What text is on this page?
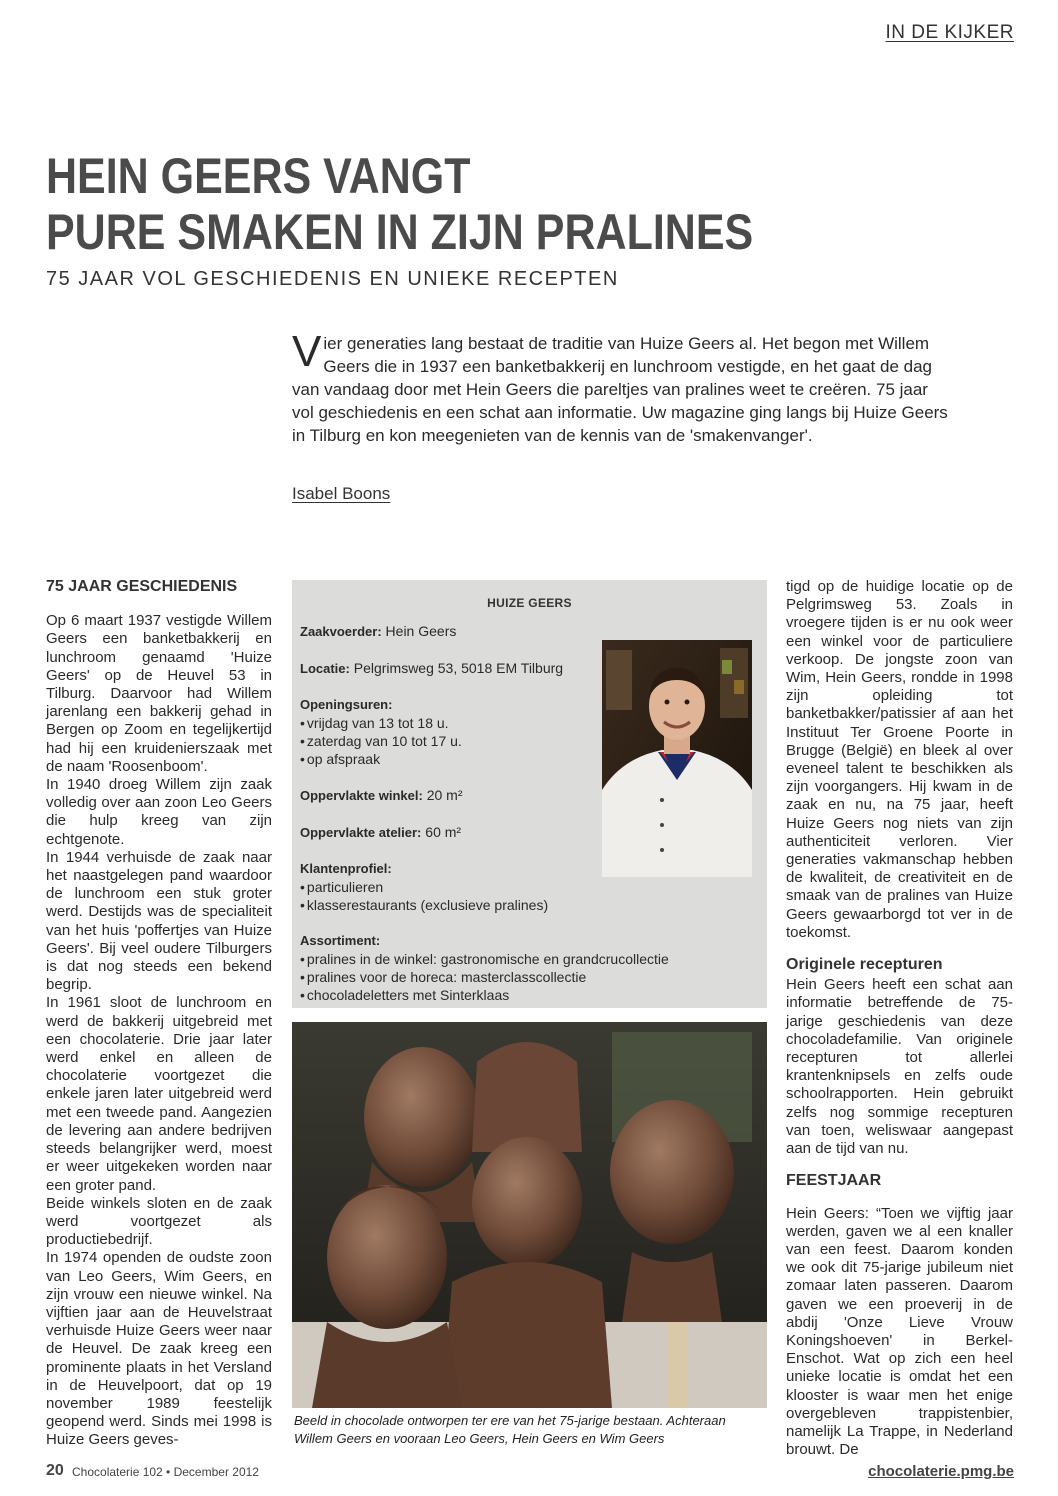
IN DE KIJKER
HEIN GEERS VANGT
PURE SMAKEN IN ZIJN PRALINES
75 JAAR VOL GESCHIEDENIS EN UNIEKE RECEPTEN
V ier generaties lang bestaat de traditie van Huize Geers al. Het begon met Willem Geers die in 1937 een banketbakkerij en lunchroom vestigde, en het gaat de dag van vandaag door met Hein Geers die pareltjes van pralines weet te creëren. 75 jaar vol geschiedenis en een schat aan informatie. Uw magazine ging langs bij Huize Geers in Tilburg en kon meegenieten van de kennis van de 'smakenvanger'.

Isabel Boons
75 JAAR GESCHIEDENIS

Op 6 maart 1937 vestigde Willem Geers een banketbakkerij en lunchroom genaamd 'Huize Geers' op de Heuvel 53 in Tilburg. Daarvoor had Willem jarenlang een bakkerij gehad in Bergen op Zoom en tegelijkertijd had hij een kruidenierszaak met de naam 'Roosenboom'.

In 1940 droeg Willem zijn zaak volledig over aan zoon Leo Geers die hulp kreeg van zijn echtgenote.

In 1944 verhuisde de zaak naar het naastgelegen pand waardoor de lunchroom een stuk groter werd. Destijds was de specialiteit van het huis 'poffertjes van Huize Geers'. Bij veel oudere Tilburgers is dat nog steeds een bekend begrip.

In 1961 sloot de lunchroom en werd de bakkerij uitgebreid met een chocolaterie. Drie jaar later werd enkel en alleen de chocolaterie voortgezet die enkele jaren later uitgebreid werd met een tweede pand. Aangezien de levering aan andere bedrijven steeds belangrijker werd, moest er weer uitgekeken worden naar een groter pand.

Beide winkels sloten en de zaak werd voortgezet als productiebedrijf.

In 1974 openden de oudste zoon van Leo Geers, Wim Geers, en zijn vrouw een nieuwe winkel. Na vijftien jaar aan de Heuvelstraat verhuisde Huize Geers weer naar de Heuvel. De zaak kreeg een prominente plaats in het Versland in de Heuvelpoort, dat op 19 november 1989 feestelijk geopend werd. Sinds mei 1998 is Huize Geers geves-

HUIZE GEERS
Zaakvoerder: Hein Geers
Locatie: Pelgrimsweg 53, 5018 EM Tilburg
Openingsuren:
• vrijdag van 13 tot 18 u.
• zaterdag van 10 tot 17 u.
• op afspraak
Oppervlakte winkel: 20 m²
Oppervlakte atelier: 60 m²
Klantenprofiel:
• particulieren
• klasserestaurants (exclusieve pralines)
Assortiment:
• pralines in de winkel: gastronomische en grandcrucollectie
• pralines voor de horeca: masterclasscollectie
• chocoladeletters met Sinterklaas
Beeld in chocolade ontworpen ter ere van het 75-jarige bestaan. Achteraan Willem Geers en vooraan Leo Geers, Hein Geers en Wim Geers

tigd op de huidige locatie op de Pelgrimsweg 53. Zoals in vroegere tijden is er nu ook weer een winkel voor de particuliere verkoop. De jongste zoon van Wim, Hein Geers, rondde in 1998 zijn opleiding tot banketbakker/patissier af aan het Instituut Ter Groene Poorte in Brugge (België) en bleek al over eveneel talent te beschikken als zijn voorgangers. Hij kwam in de zaak en nu, na 75 jaar, heeft Huize Geers nog niets van zijn authenticiteit verloren. Vier generaties vakmanschap hebben de kwaliteit, de creativiteit en de smaak van de pralines van Huize Geers gewaarborgd tot ver in de toekomst.

Originele recepturen

Hein Geers heeft een schat aan informatie betreffende de 75-jarige geschiedenis van deze chocoladefamilie. Van originele recepturen tot allerlei krantenknipsels en zelfs oude schoolrapporten. Hein gebruikt zelfs nog sommige recepturen van toen, weliswaar aangepast aan de tijd van nu.

FEESTJAAR

Hein Geers: “Toen we vijftig jaar werden, gaven we al een knaller van een feest. Daarom konden we ook dit 75-jarige jubileum niet zomaar laten passeren. Daarom gaven we een proeverij in de abdij 'Onze Lieve Vrouw Koningshoeven' in Berkel-Enschot. Wat op zich een heel unieke locatie is omdat het een klooster is waar men het enige overgebleven trappistenbier, namelijk La Trappe, in Nederland brouwt. De

20 Chocolaterie 102 • December 2012	chocolaterie.pmg.be
